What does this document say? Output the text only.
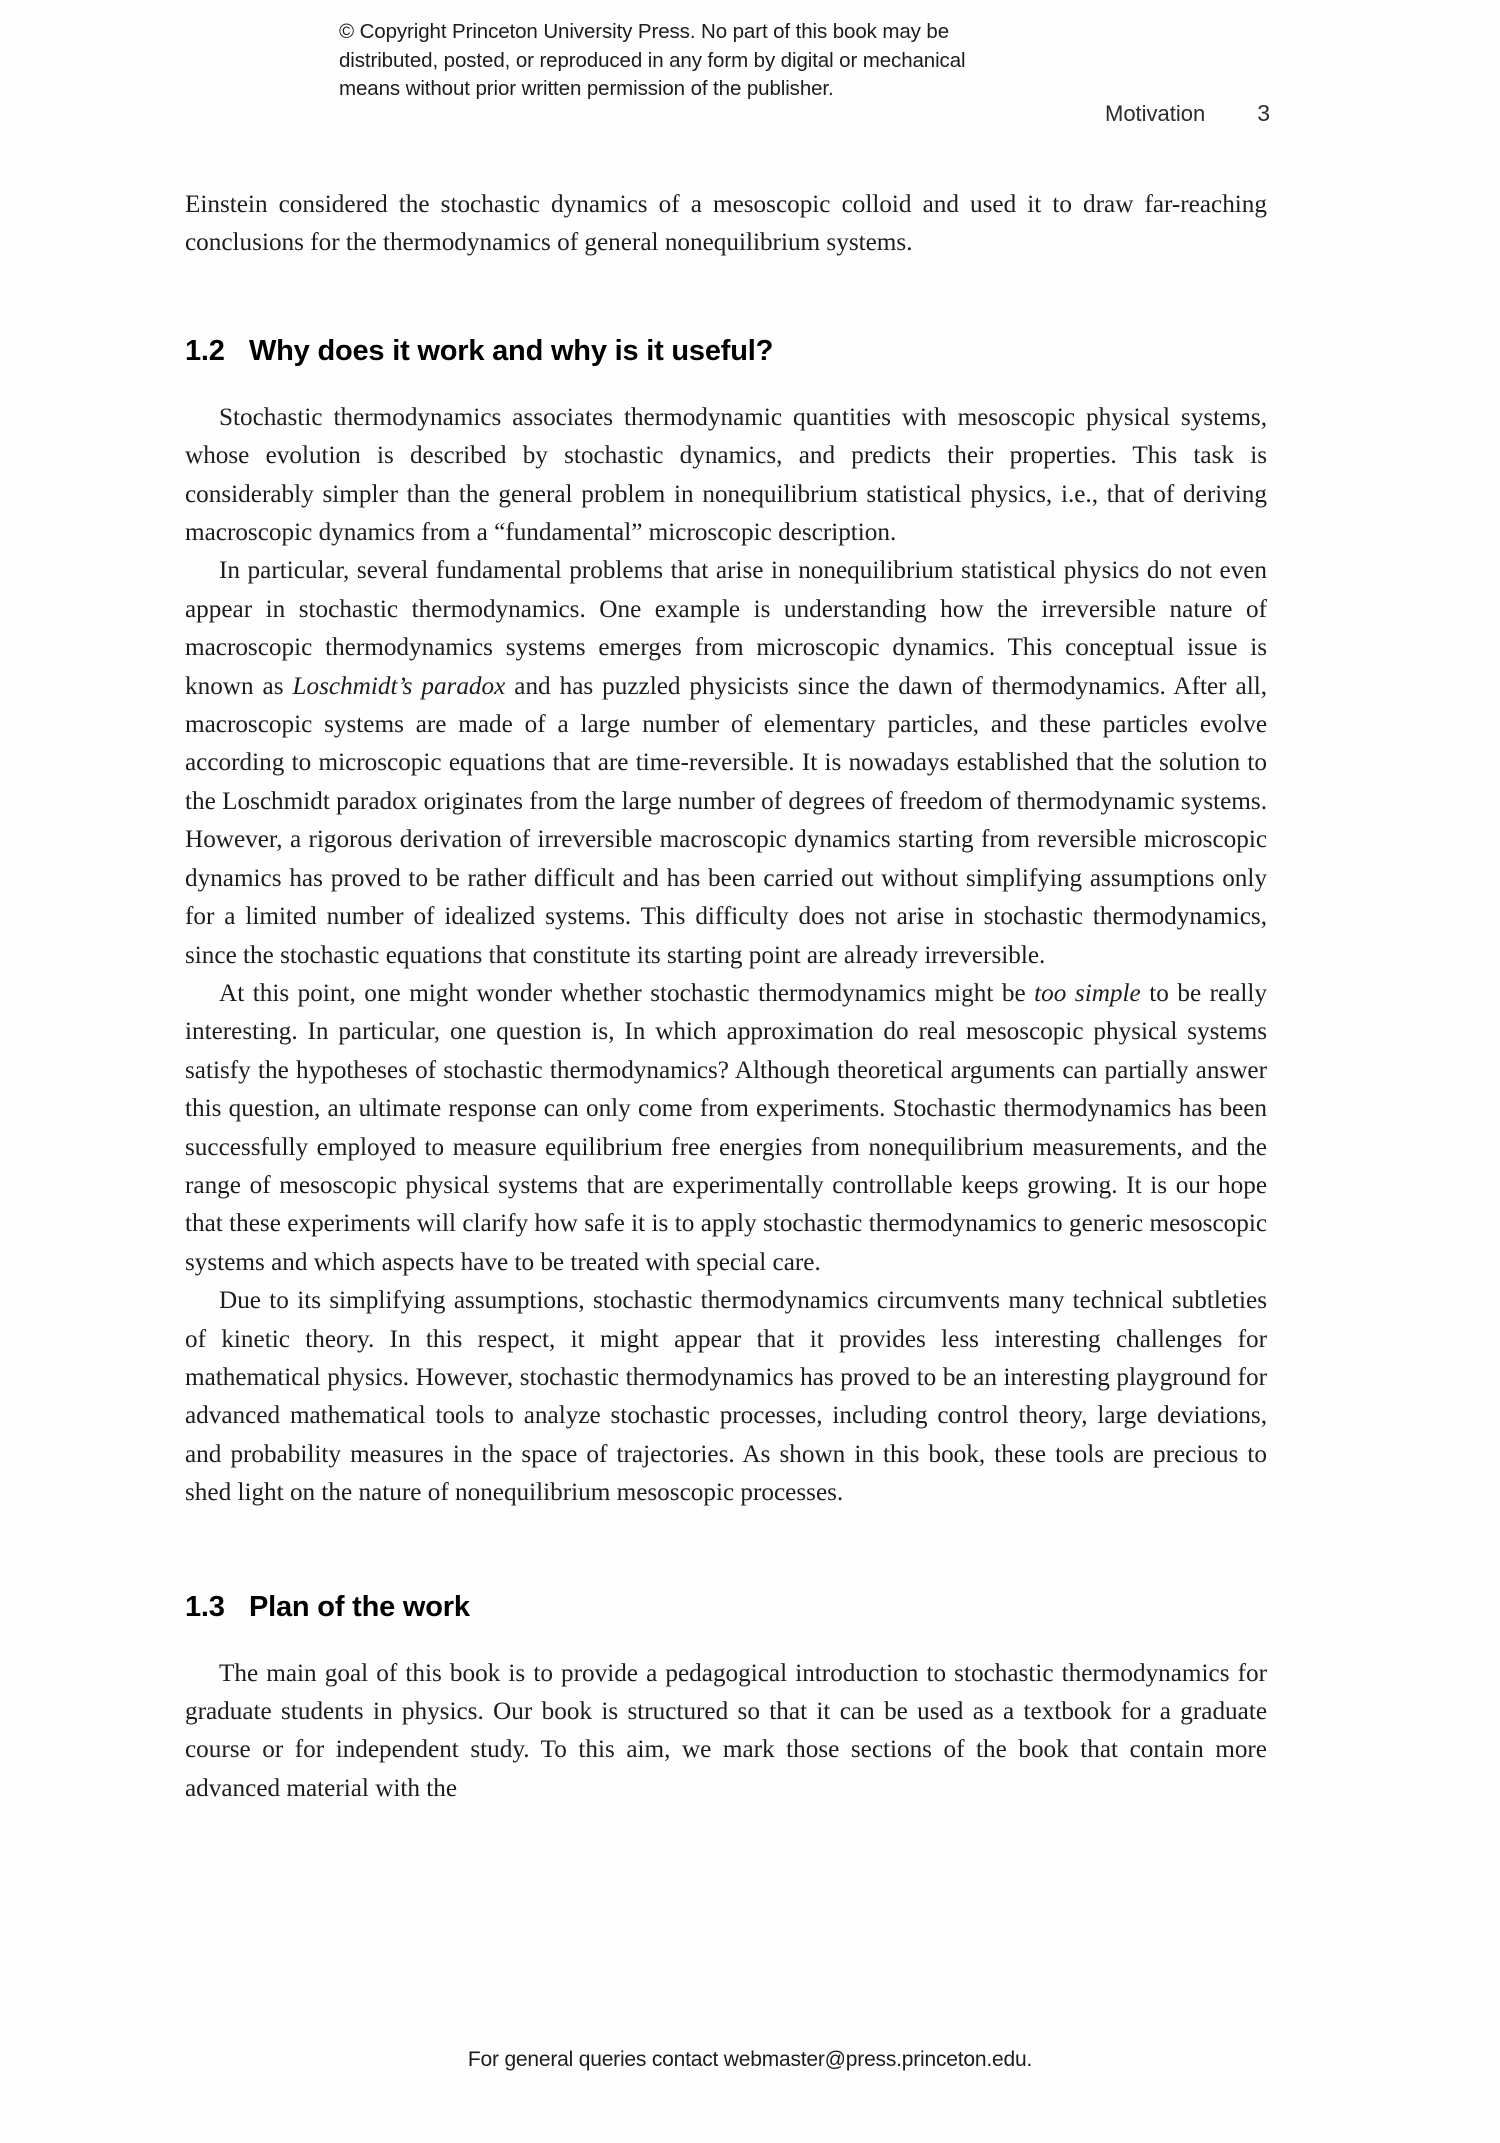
© Copyright Princeton University Press. No part of this book may be
distributed, posted, or reproduced in any form by digital or mechanical
means without prior written permission of the publisher.
Motivation 3

Einstein considered the stochastic dynamics of a mesoscopic colloid and used it to draw far-reaching conclusions for the thermodynamics of general nonequilibrium systems.

1.2 Why does it work and why is it useful?

Stochastic thermodynamics associates thermodynamic quantities with mesoscopic physical systems, whose evolution is described by stochastic dynamics, and predicts their properties. This task is considerably simpler than the general problem in nonequilibrium statistical physics, i.e., that of deriving macroscopic dynamics from a “fundamental” microscopic description.

In particular, several fundamental problems that arise in nonequilibrium statistical physics do not even appear in stochastic thermodynamics. One example is understanding how the irreversible nature of macroscopic thermodynamics systems emerges from microscopic dynamics. This conceptual issue is known as Loschmidt’s paradox and has puzzled physicists since the dawn of thermodynamics. After all, macroscopic systems are made of a large number of elementary particles, and these particles evolve according to microscopic equations that are time-reversible. It is nowadays established that the solution to the Loschmidt paradox originates from the large number of degrees of freedom of thermodynamic systems. However, a rigorous derivation of irreversible macroscopic dynamics starting from reversible microscopic dynamics has proved to be rather difficult and has been carried out without simplifying assumptions only for a limited number of idealized systems. This difficulty does not arise in stochastic thermodynamics, since the stochastic equations that constitute its starting point are already irreversible.

At this point, one might wonder whether stochastic thermodynamics might be too simple to be really interesting. In particular, one question is, In which approximation do real mesoscopic physical systems satisfy the hypotheses of stochastic thermodynamics? Although theoretical arguments can partially answer this question, an ultimate response can only come from experiments. Stochastic thermodynamics has been successfully employed to measure equilibrium free energies from nonequilibrium measurements, and the range of mesoscopic physical systems that are experimentally controllable keeps growing. It is our hope that these experiments will clarify how safe it is to apply stochastic thermodynamics to generic mesoscopic systems and which aspects have to be treated with special care.

Due to its simplifying assumptions, stochastic thermodynamics circumvents many technical subtleties of kinetic theory. In this respect, it might appear that it provides less interesting challenges for mathematical physics. However, stochastic thermodynamics has proved to be an interesting playground for advanced mathematical tools to analyze stochastic processes, including control theory, large deviations, and probability measures in the space of trajectories. As shown in this book, these tools are precious to shed light on the nature of nonequilibrium mesoscopic processes.

1.3 Plan of the work

The main goal of this book is to provide a pedagogical introduction to stochastic thermodynamics for graduate students in physics. Our book is structured so that it can be used as a textbook for a graduate course or for independent study. To this aim, we mark those sections of the book that contain more advanced material with the

For general queries contact webmaster@press.princeton.edu.
